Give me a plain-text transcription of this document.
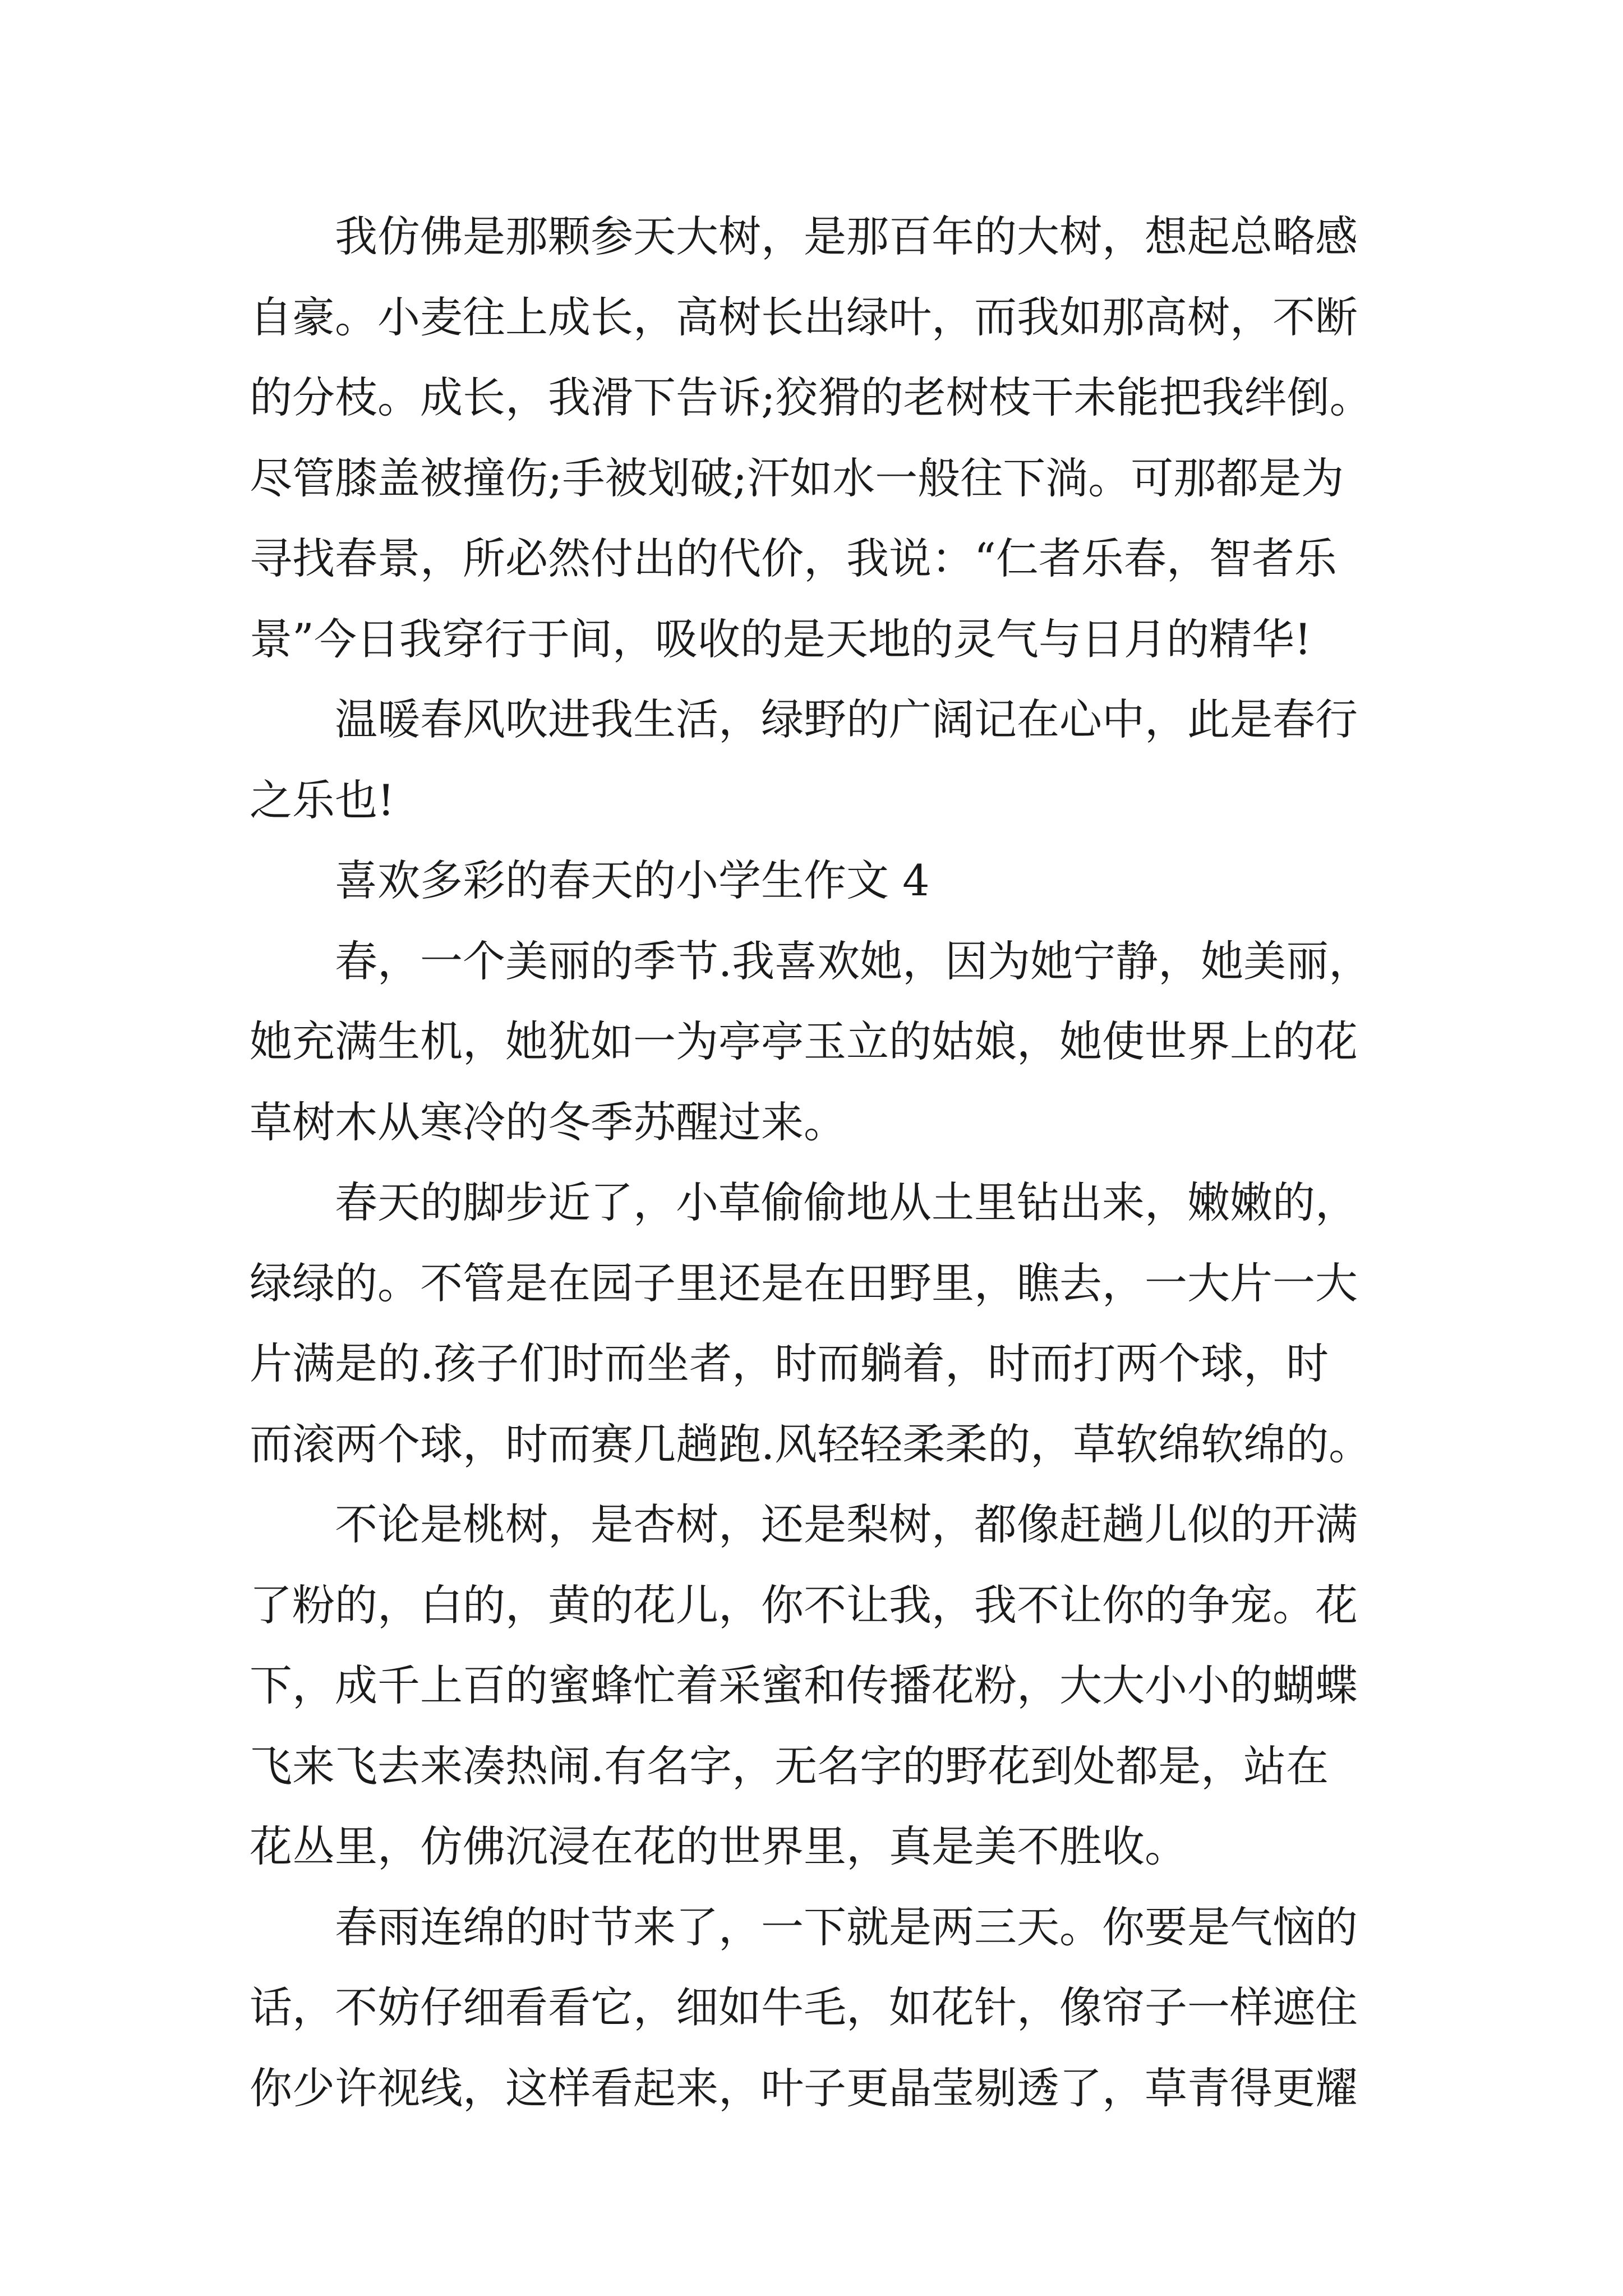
我仿佛是那颗参天大树，是那百年的大树，想起总略感
自豪。小麦往上成长，高树长出绿叶，而我如那高树，不断
的分枝。成长，我滑下告诉;狡猾的老树枝干未能把我绊倒。
尽管膝盖被撞伤;手被划破;汗如水一般往下淌。可那都是为
寻找春景，所必然付出的代价，我说：“仁者乐春，智者乐
景”今日我穿行于间，吸收的是天地的灵气与日月的精华!
温暖春风吹进我生活，绿野的广阔记在心中，此是春行
之乐也!
喜欢多彩的春天的小学生作文 4
春，一个美丽的季节.我喜欢她，因为她宁静，她美丽，
她充满生机，她犹如一为亭亭玉立的姑娘，她使世界上的花
草树木从寒冷的冬季苏醒过来。
春天的脚步近了，小草偷偷地从土里钻出来，嫩嫩的，
绿绿的。不管是在园子里还是在田野里，瞧去，一大片一大
片满是的.孩子们时而坐者，时而躺着，时而打两个球，时
而滚两个球，时而赛几趟跑.风轻轻柔柔的，草软绵软绵的。
不论是桃树，是杏树，还是梨树，都像赶趟儿似的开满
了粉的，白的，黄的花儿，你不让我，我不让你的争宠。花
下，成千上百的蜜蜂忙着采蜜和传播花粉，大大小小的蝴蝶
飞来飞去来凑热闹.有名字，无名字的野花到处都是，站在
花丛里，仿佛沉浸在花的世界里，真是美不胜收。
春雨连绵的时节来了，一下就是两三天。你要是气恼的
话，不妨仔细看看它，细如牛毛，如花针，像帘子一样遮住
你少许视线，这样看起来，叶子更晶莹剔透了，草青得更耀
